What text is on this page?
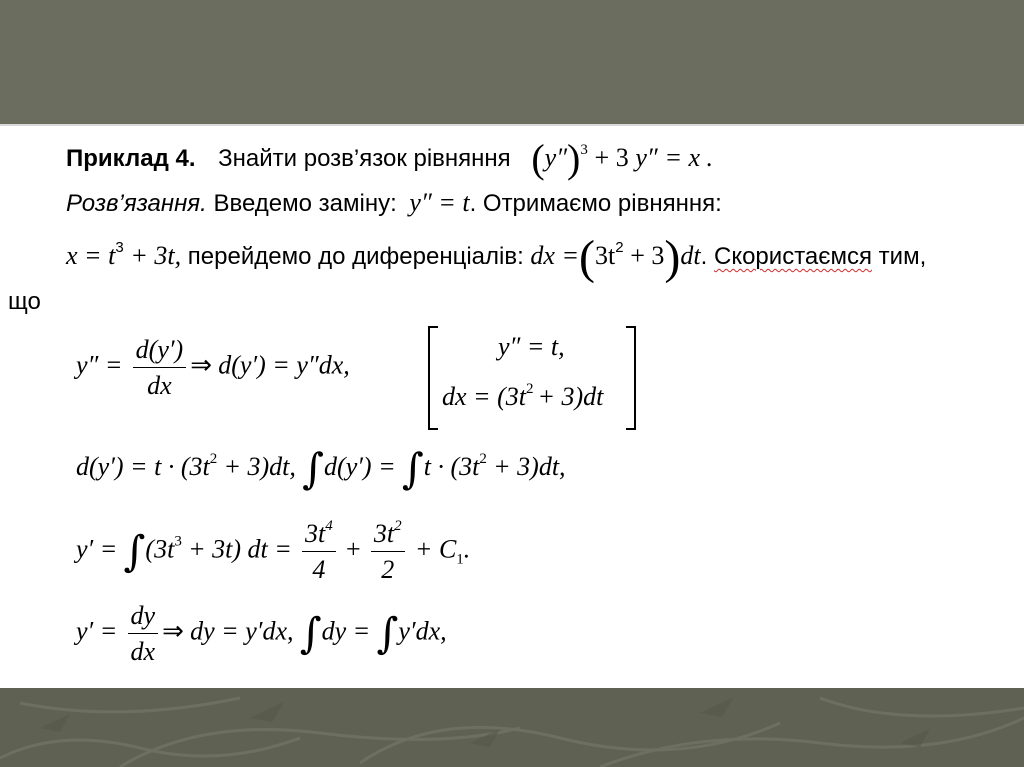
Приклад 4. Знайти розв’язок рівняння $(y'')^3 + 3$ y″ = x .
Розв’язання. Введемо заміну: y″ = t. Отримаємо рівняння:
$x = t^3 + 3t$, перейдемо до диференціалів: dx $=(3t^2 + 3)dt$. Скористаємся тим,
що
$y'' = \frac{d(y')}{dx}$ ⇒ d(y′) = y″dx,
y″ = t,
dx = $(3t^2 + 3)dt$
$d(y') = t \cdot (3t^2 + 3)dt$, $\int d(y') = \int t \cdot (3t^2 + 3)dt$,
$y' = \int(3t^3 + 3t)$ dt = $\frac{3t^4}{4} + \frac{3t^2}{2} + C_1$.
$y' = \frac{dy}{dx}$ ⇒ dy = y′dx, ∫dy = ∫y′dx,
